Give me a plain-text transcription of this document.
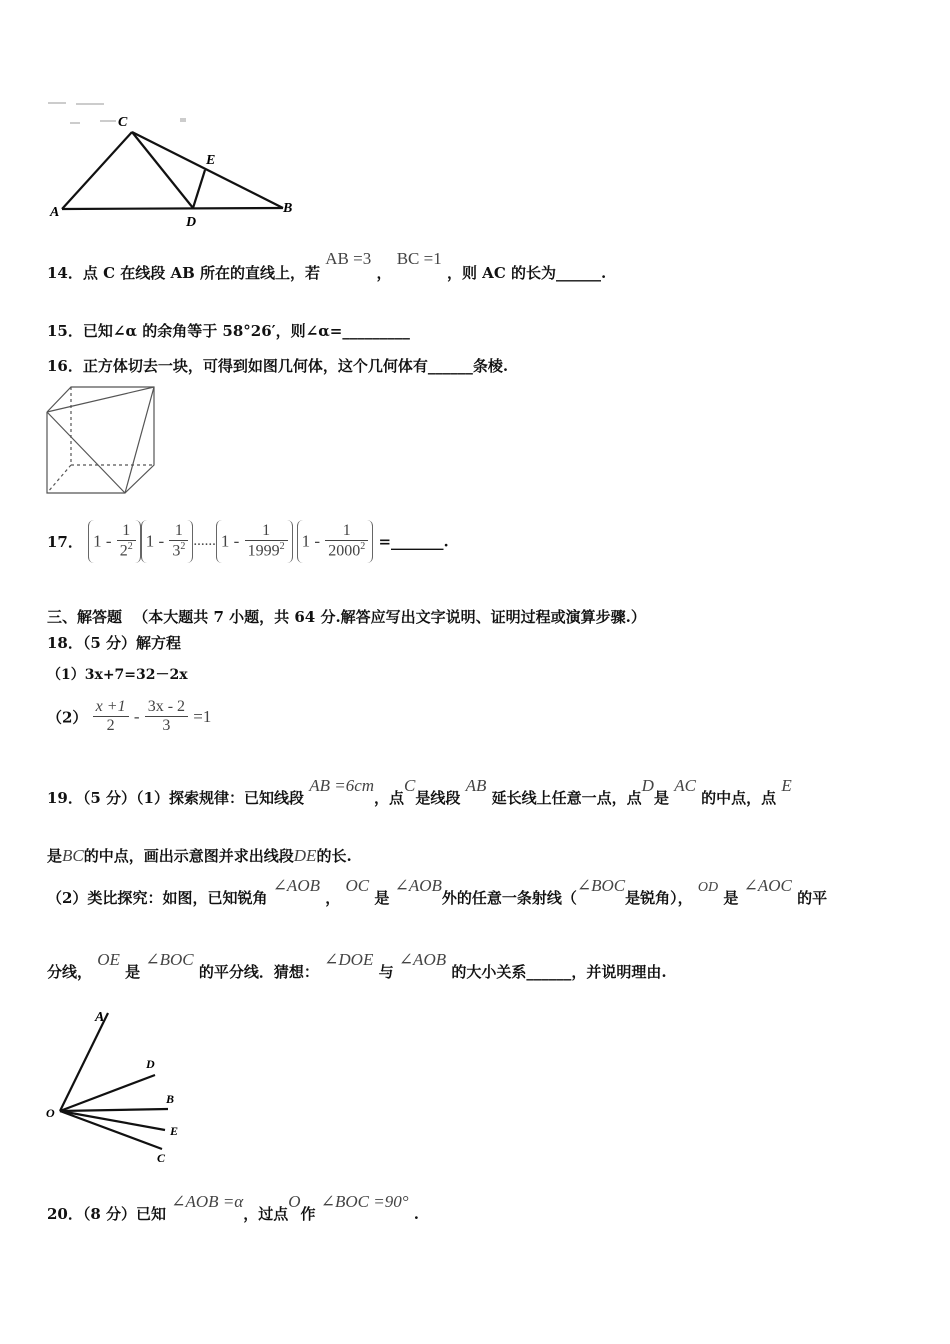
C
E
A
D
B
14．点 C 在线段 AB 所在的直线上，若 AB =3 ， BC =1 ，则 AC 的长为______.
15．已知∠α 的余角等于 58°26′，则∠α=_________
16．正方体切去一块，可得到如图几何体，这个几何体有______条棱.
17． $1 - \frac{1}{2^2} 1 - \frac{1}{3^2}$ ...... $1 - \frac{1}{1999^2} 1 - \frac{1}{2000^2}$ =_______.
三、解答题 （本大题共 7 小题，共 64 分.解答应写出文字说明、证明过程或演算步骤.）
18．（5 分）解方程
（1）3x+7=32－2x
$(2) \frac{x +1}{2} - \frac{3x - 2}{3} =1$
19．（5 分）（1）探索规律：已知线段 AB =6cm，点C是线段 AB 延长线上任意一点，点D是 AC 的中点，点 E
是BC的中点，画出示意图并求出线段DE的长.
（2）类比探究：如图，已知锐角 ∠AOB ， OC 是 ∠AOB外的任意一条射线（∠BOC是锐角）， OD 是 ∠AOC 的平
分线， OE 是 ∠BOC 的平分线．猜想： ∠DOE 与 ∠AOB 的大小关系______，并说明理由.
A
D
B
O
E
C
20．（8 分）已知 ∠AOB =α，过点O作 ∠BOC =90° .
